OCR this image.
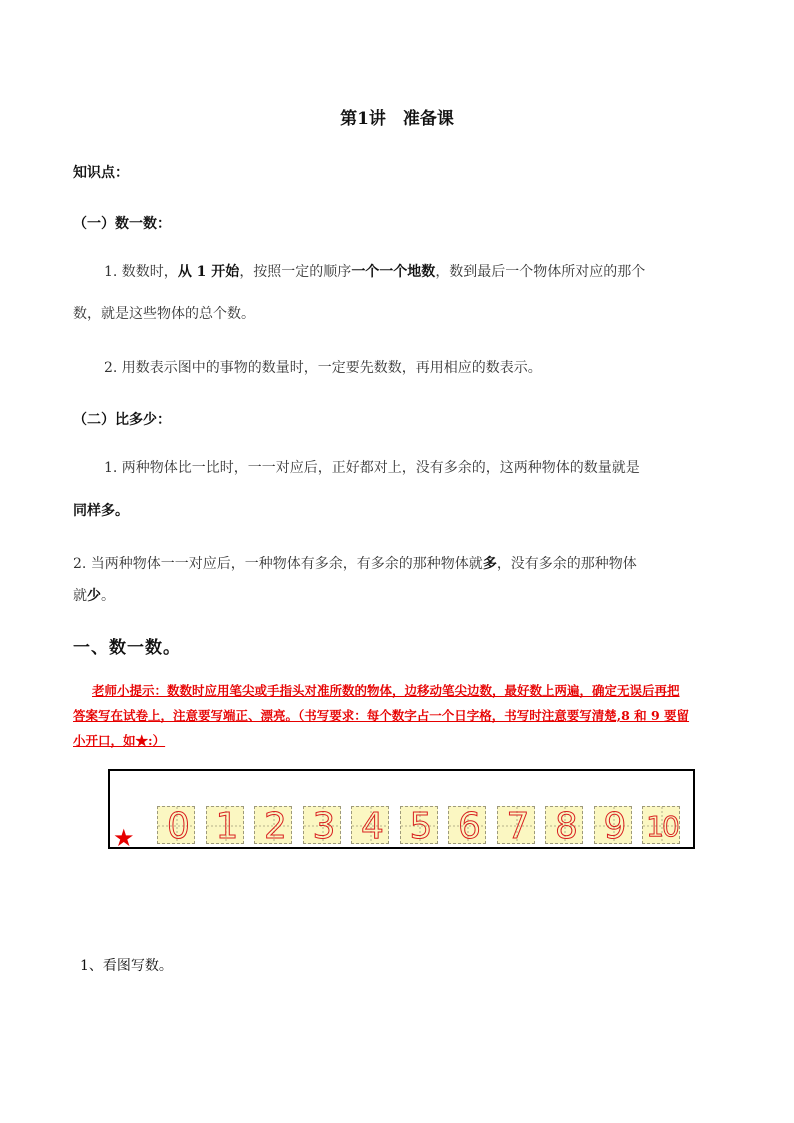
第1讲　准备课
知识点：
（一）数一数：
1. 数数时，从 1 开始，按照一定的顺序一个一个地数，数到最后一个物体所对应的那个
数，就是这些物体的总个数。
2. 用数表示图中的事物的数量时，一定要先数数，再用相应的数表示。
（二）比多少：
1. 两种物体比一比时，一一对应后，正好都对上，没有多余的，这两种物体的数量就是
同样多。
2. 当两种物体一一对应后，一种物体有多余，有多余的那种物体就多，没有多余的那种物体
就少。
一、数一数。
老师小提示：数数时应用笔尖或手指头对准所数的物体，边移动笔尖边数，最好数上两遍，确定无误后再把
答案写在试卷上，注意要写端正、漂亮。（书写要求：每个数字占一个日字格，书写时注意要写清楚,8 和 9 要留
小开口，如★:）
★ 0 1 2 3 4 5 6 7 8 9 10
1、看图写数。
